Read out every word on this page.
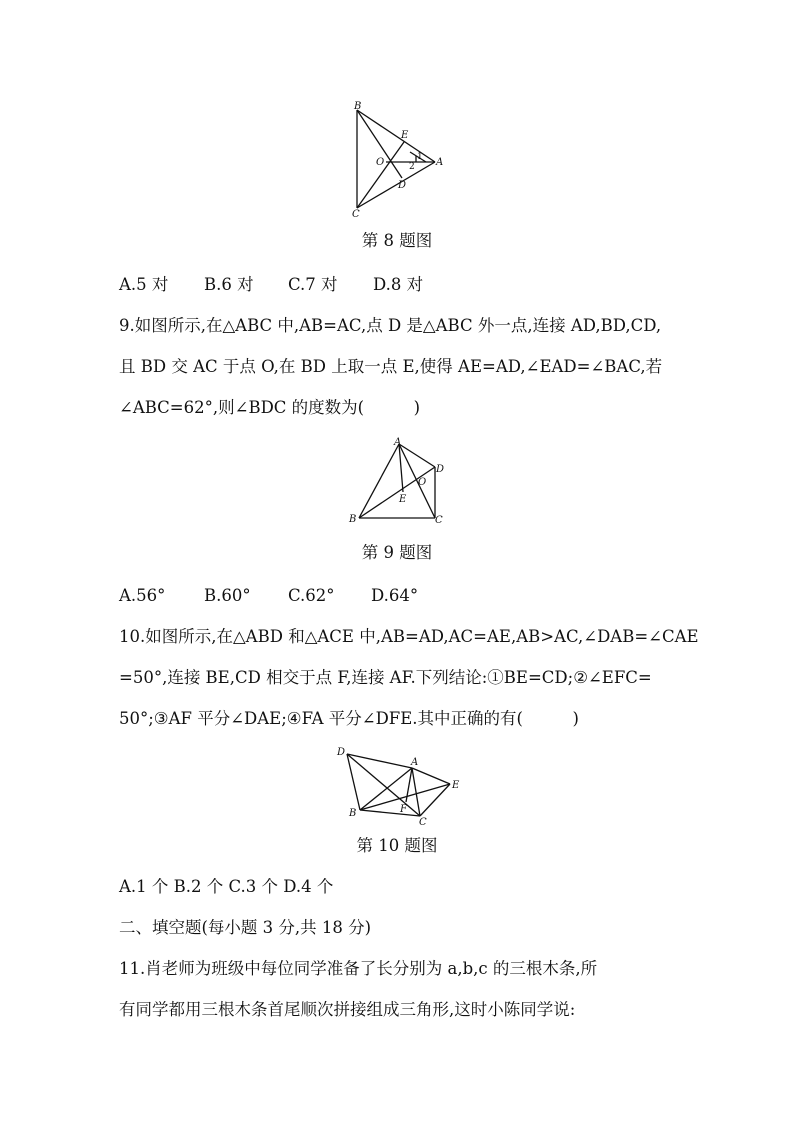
B
E
O	A
D
C
1
2
第 8 题图
A.5 对 B.6 对 C.7 对 D.8 对
9.如图所示,在△ABC 中,AB=AC,点 D 是△ABC 外一点,连接 AD,BD,CD,
且 BD 交 AC 于点 O,在 BD 上取一点 E,使得 AE=AD,∠EAD=∠BAC,若
∠ABC=62°,则∠BDC 的度数为(　　　)
A
D
O
E
B	C
第 9 题图
A.56° B.60° C.62° D.64°
10.如图所示,在△ABD 和△ACE 中,AB=AD,AC=AE,AB>AC,∠DAB=∠CAE
=50°,连接 BE,CD 相交于点 F,连接 AF.下列结论:①BE=CD;②∠EFC=
50°;③AF 平分∠DAE;④FA 平分∠DFE.其中正确的有(　　　)
D
A
E
B	F
C
第 10 题图
A.1 个 B.2 个 C.3 个 D.4 个
二、填空题(每小题 3 分,共 18 分)
11.肖老师为班级中每位同学准备了长分别为 a,b,c 的三根木条,所
有同学都用三根木条首尾顺次拼接组成三角形,这时小陈同学说:
